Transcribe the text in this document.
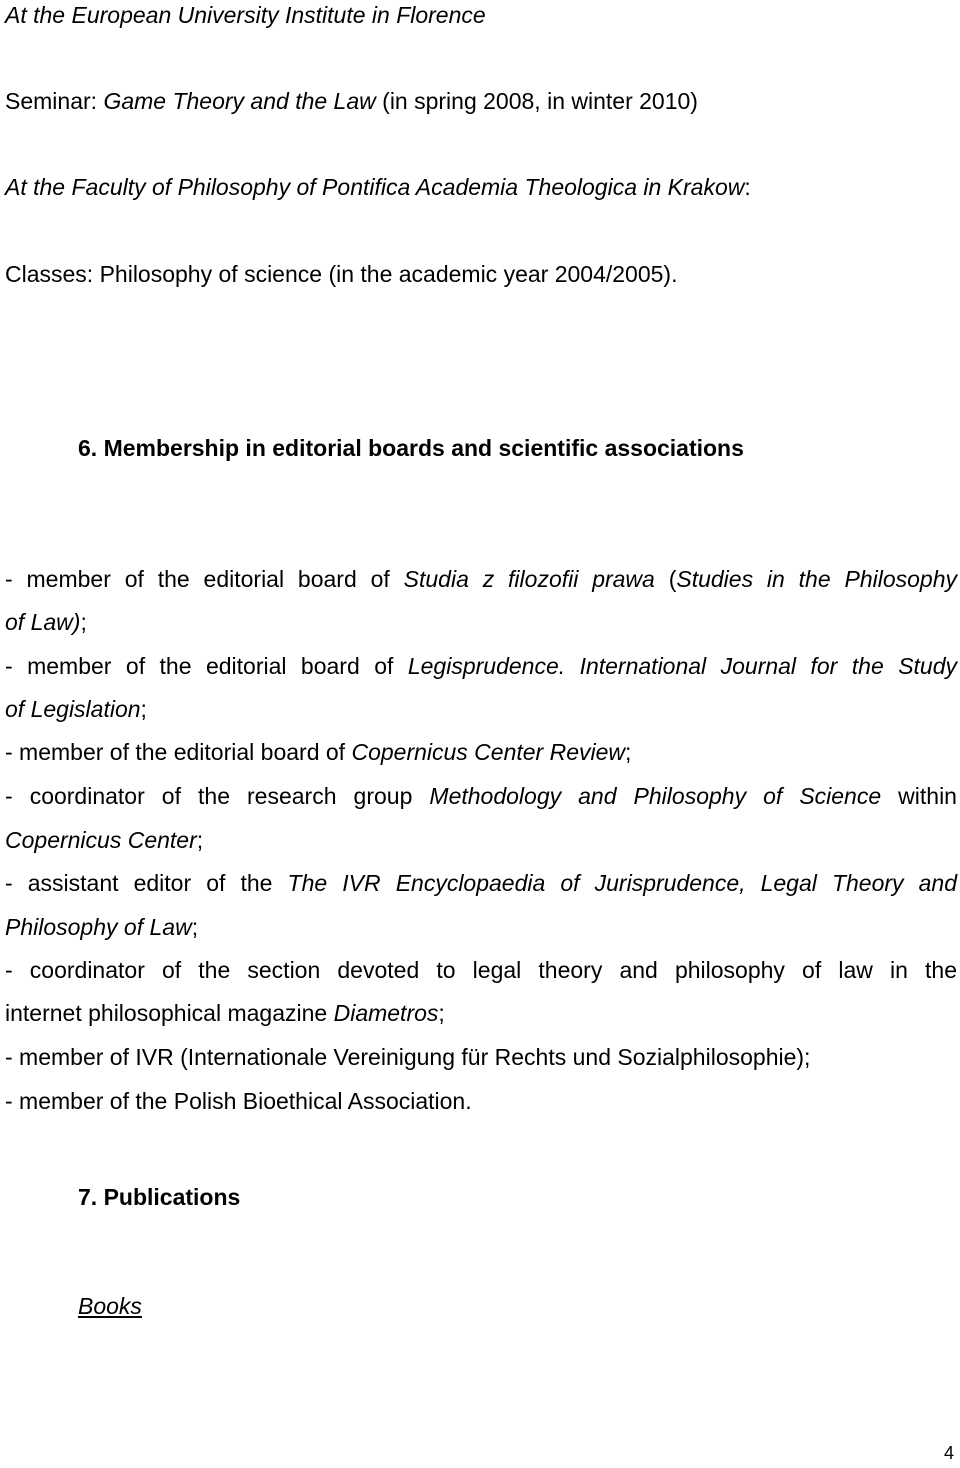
At the European University Institute in Florence

Seminar: Game Theory and the Law (in spring 2008, in winter 2010)

At the Faculty of Philosophy of Pontifica Academia Theologica in Krakow:

Classes: Philosophy of science (in the academic year 2004/2005).

6. Membership in editorial boards and scientific associations

- member of the editorial board of Studia z filozofii prawa (Studies in the Philosophy

of Law);

- member of the editorial board of Legisprudence. International Journal for the Study

of Legislation;

- member of the editorial board of Copernicus Center Review;

- coordinator of the research group Methodology and Philosophy of Science within

Copernicus Center;

- assistant editor of the The IVR Encyclopaedia of Jurisprudence, Legal Theory and

Philosophy of Law;

- coordinator of the section devoted to legal theory and philosophy of law in the

internet philosophical magazine Diametros;

- member of IVR (Internationale Vereinigung für Rechts und Sozialphilosophie);

- member of the Polish Bioethical Association.

7. Publications

Books

4
